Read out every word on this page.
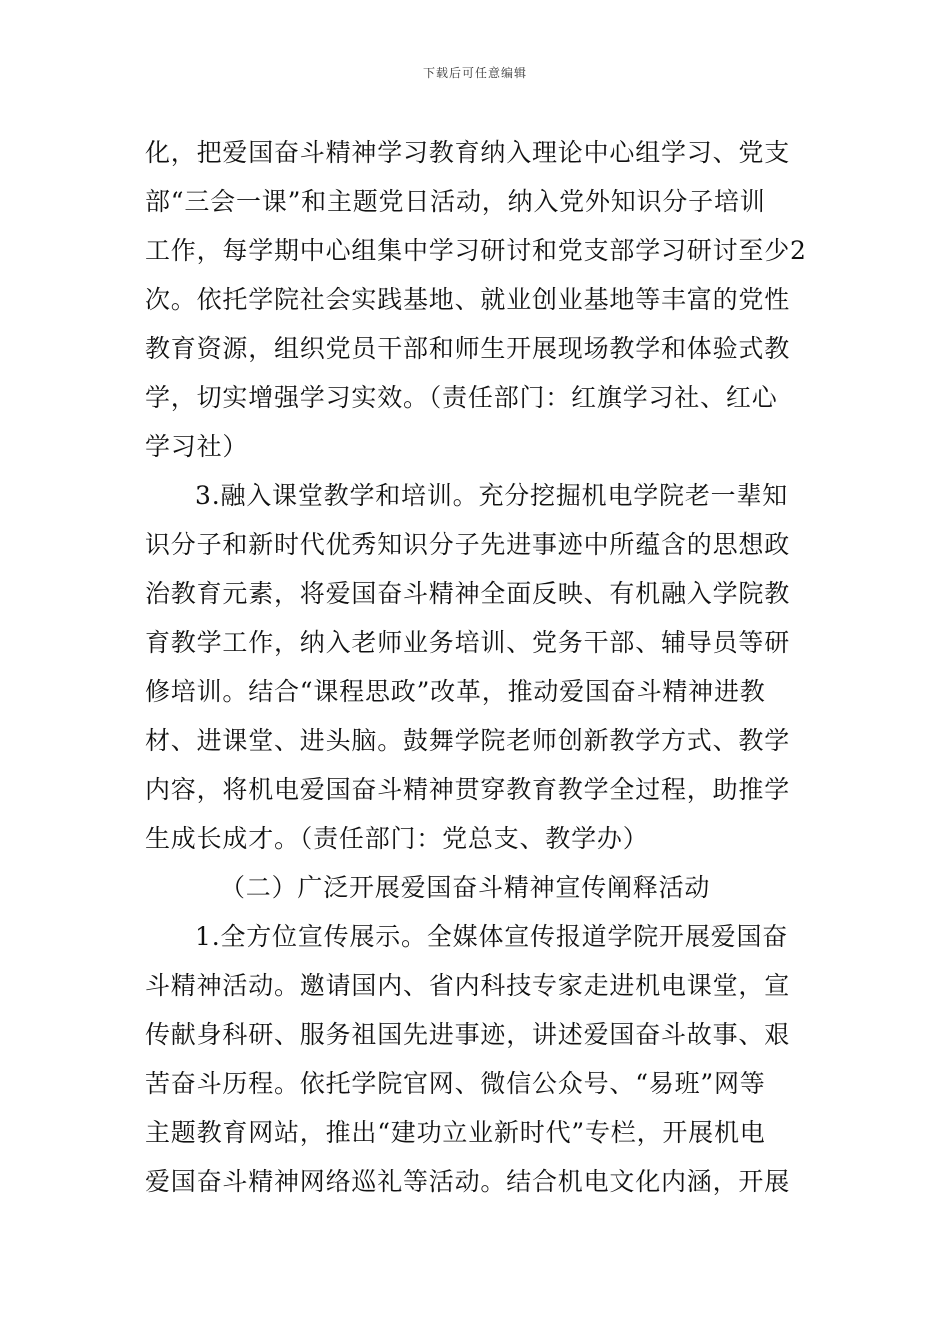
下载后可任意编辑
化，把爱国奋斗精神学习教育纳入理论中心组学习、党支
部“三会一课”和主题党日活动，纳入党外知识分子培训
工作，每学期中心组集中学习研讨和党支部学习研讨至少2
次。依托学院社会实践基地、就业创业基地等丰富的党性
教育资源，组织党员干部和师生开展现场教学和体验式教
学，切实增强学习实效。（责任部门：红旗学习社、红心
学习社）
3.融入课堂教学和培训。充分挖掘机电学院老一辈知
识分子和新时代优秀知识分子先进事迹中所蕴含的思想政
治教育元素，将爱国奋斗精神全面反映、有机融入学院教
育教学工作，纳入老师业务培训、党务干部、辅导员等研
修培训。结合“课程思政”改革，推动爱国奋斗精神进教
材、进课堂、进头脑。鼓舞学院老师创新教学方式、教学
内容，将机电爱国奋斗精神贯穿教育教学全过程，助推学
生成长成才。（责任部门：党总支、教学办）
（二）广泛开展爱国奋斗精神宣传阐释活动
1.全方位宣传展示。全媒体宣传报道学院开展爱国奋
斗精神活动。邀请国内、省内科技专家走进机电课堂，宣
传献身科研、服务祖国先进事迹，讲述爱国奋斗故事、艰
苦奋斗历程。依托学院官网、微信公众号、“易班”网等
主题教育网站，推出“建功立业新时代”专栏，开展机电
爱国奋斗精神网络巡礼等活动。结合机电文化内涵，开展
